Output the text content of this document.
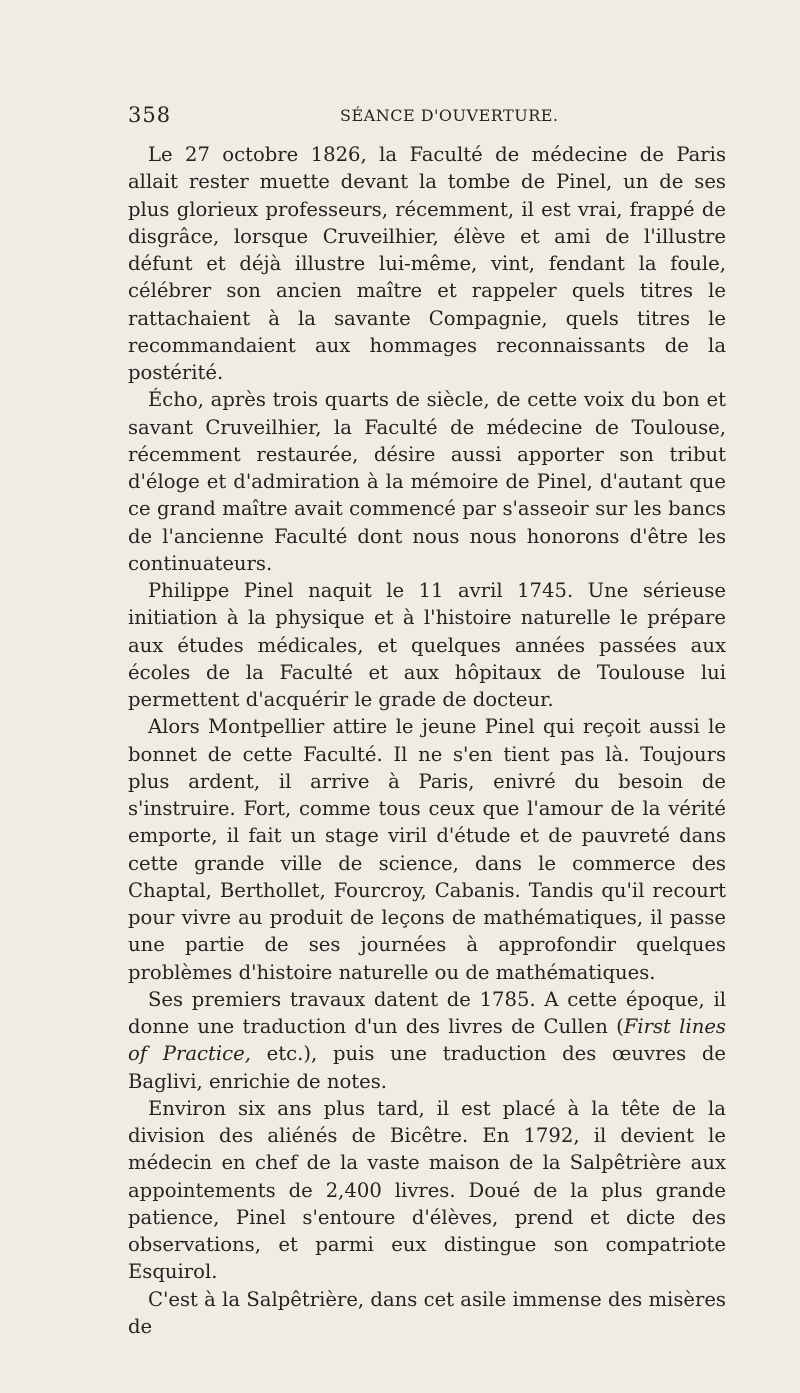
358	SÉANCE D'OUVERTURE.

Le 27 octobre 1826, la Faculté de médecine de Paris allait rester muette devant la tombe de Pinel, un de ses plus glorieux professeurs, récemment, il est vrai, frappé de disgrâce, lorsque Cruveilhier, élève et ami de l'illustre défunt et déjà illustre lui-même, vint, fendant la foule, célébrer son ancien maître et rappeler quels titres le rattachaient à la savante Compagnie, quels titres le recommandaient aux hommages reconnaissants de la postérité.

Écho, après trois quarts de siècle, de cette voix du bon et savant Cruveilhier, la Faculté de médecine de Toulouse, récemment restaurée, désire aussi apporter son tribut d'éloge et d'admiration à la mémoire de Pinel, d'autant que ce grand maître avait commencé par s'asseoir sur les bancs de l'ancienne Faculté dont nous nous honorons d'être les continuateurs.

Philippe Pinel naquit le 11 avril 1745. Une sérieuse initiation à la physique et à l'histoire naturelle le prépare aux études médicales, et quelques années passées aux écoles de la Faculté et aux hôpitaux de Toulouse lui permettent d'acquérir le grade de docteur.

Alors Montpellier attire le jeune Pinel qui reçoit aussi le bonnet de cette Faculté. Il ne s'en tient pas là. Toujours plus ardent, il arrive à Paris, enivré du besoin de s'instruire. Fort, comme tous ceux que l'amour de la vérité emporte, il fait un stage viril d'étude et de pauvreté dans cette grande ville de science, dans le commerce des Chaptal, Berthollet, Fourcroy, Cabanis. Tandis qu'il recourt pour vivre au produit de leçons de mathématiques, il passe une partie de ses journées à approfondir quelques problèmes d'histoire naturelle ou de mathématiques.

Ses premiers travaux datent de 1785. A cette époque, il donne une traduction d'un des livres de Cullen (First lines of Practice, etc.), puis une traduction des œuvres de Baglivi, enrichie de notes.

Environ six ans plus tard, il est placé à la tête de la division des aliénés de Bicêtre. En 1792, il devient le médecin en chef de la vaste maison de la Salpêtrière aux appointements de 2,400 livres. Doué de la plus grande patience, Pinel s'entoure d'élèves, prend et dicte des observations, et parmi eux distingue son compatriote Esquirol.

C'est à la Salpêtrière, dans cet asile immense des misères de
